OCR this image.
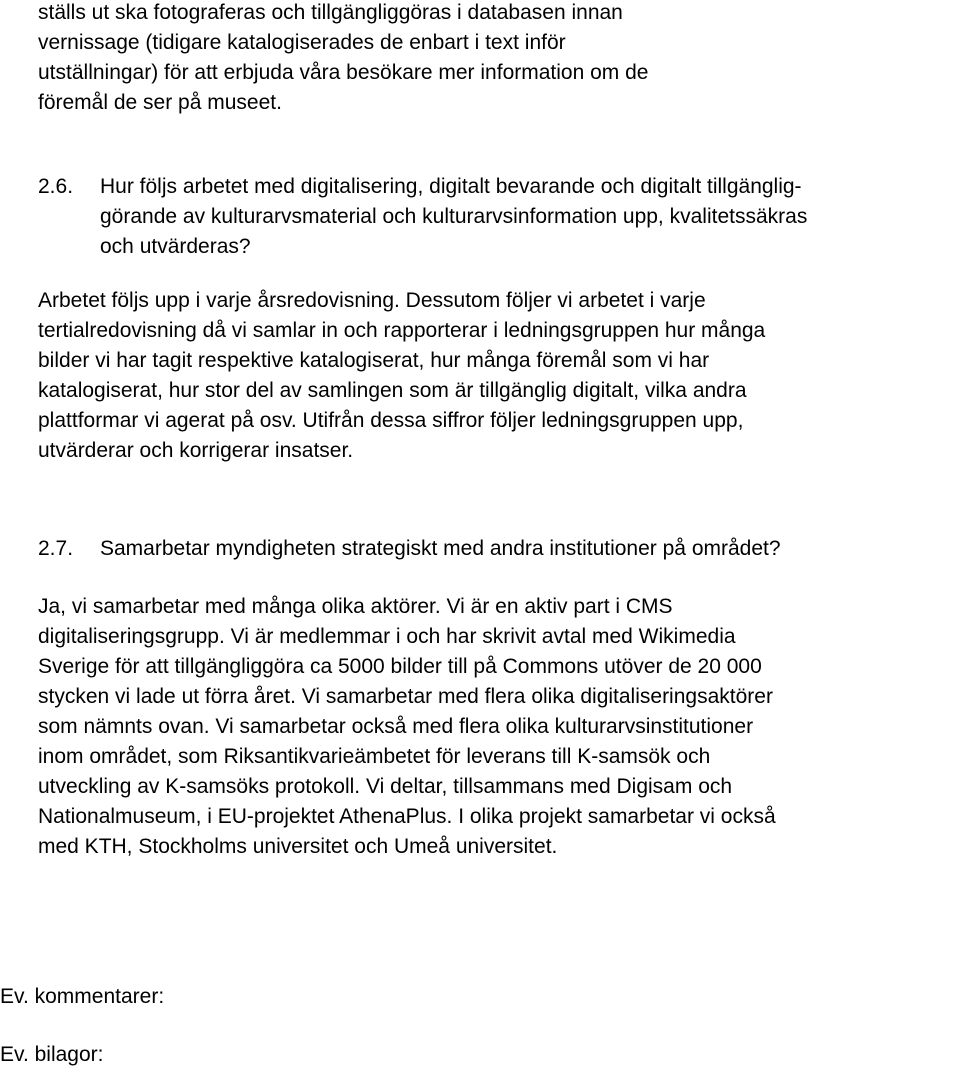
ställs ut ska fotograferas och tillgängliggöras i databasen innan
vernissage (tidigare katalogiserades de enbart i text inför
utställningar) för att erbjuda våra besökare mer information om de
föremål de ser på museet.

2.6.	Hur följs arbetet med digitalisering, digitalt bevarande och digitalt tillgänglig-
görande av kulturarvsmaterial och kulturarvsinformation upp, kvalitetssäkras
och utvärderas?

Arbetet följs upp i varje årsredovisning. Dessutom följer vi arbetet i varje
tertialredovisning då vi samlar in och rapporterar i ledningsgruppen hur många
bilder vi har tagit respektive katalogiserat, hur många föremål som vi har
katalogiserat, hur stor del av samlingen som är tillgänglig digitalt, vilka andra
plattformar vi agerat på osv. Utifrån dessa siffror följer ledningsgruppen upp,
utvärderar och korrigerar insatser.

2.7.	Samarbetar myndigheten strategiskt med andra institutioner på området?

Ja, vi samarbetar med många olika aktörer. Vi är en aktiv part i CMS
digitaliseringsgrupp. Vi är medlemmar i och har skrivit avtal med Wikimedia
Sverige för att tillgängliggöra ca 5000 bilder till på Commons utöver de 20 000
stycken vi lade ut förra året. Vi samarbetar med flera olika digitaliseringsaktörer
som nämnts ovan. Vi samarbetar också med flera olika kulturarvsinstitutioner
inom området, som Riksantikvarieämbetet för leverans till K-samsök och
utveckling av K-samsöks protokoll. Vi deltar, tillsammans med Digisam och
Nationalmuseum, i EU-projektet AthenaPlus. I olika projekt samarbetar vi också
med KTH, Stockholms universitet och Umeå universitet.

Ev. kommentarer:
Ev. bilagor:
